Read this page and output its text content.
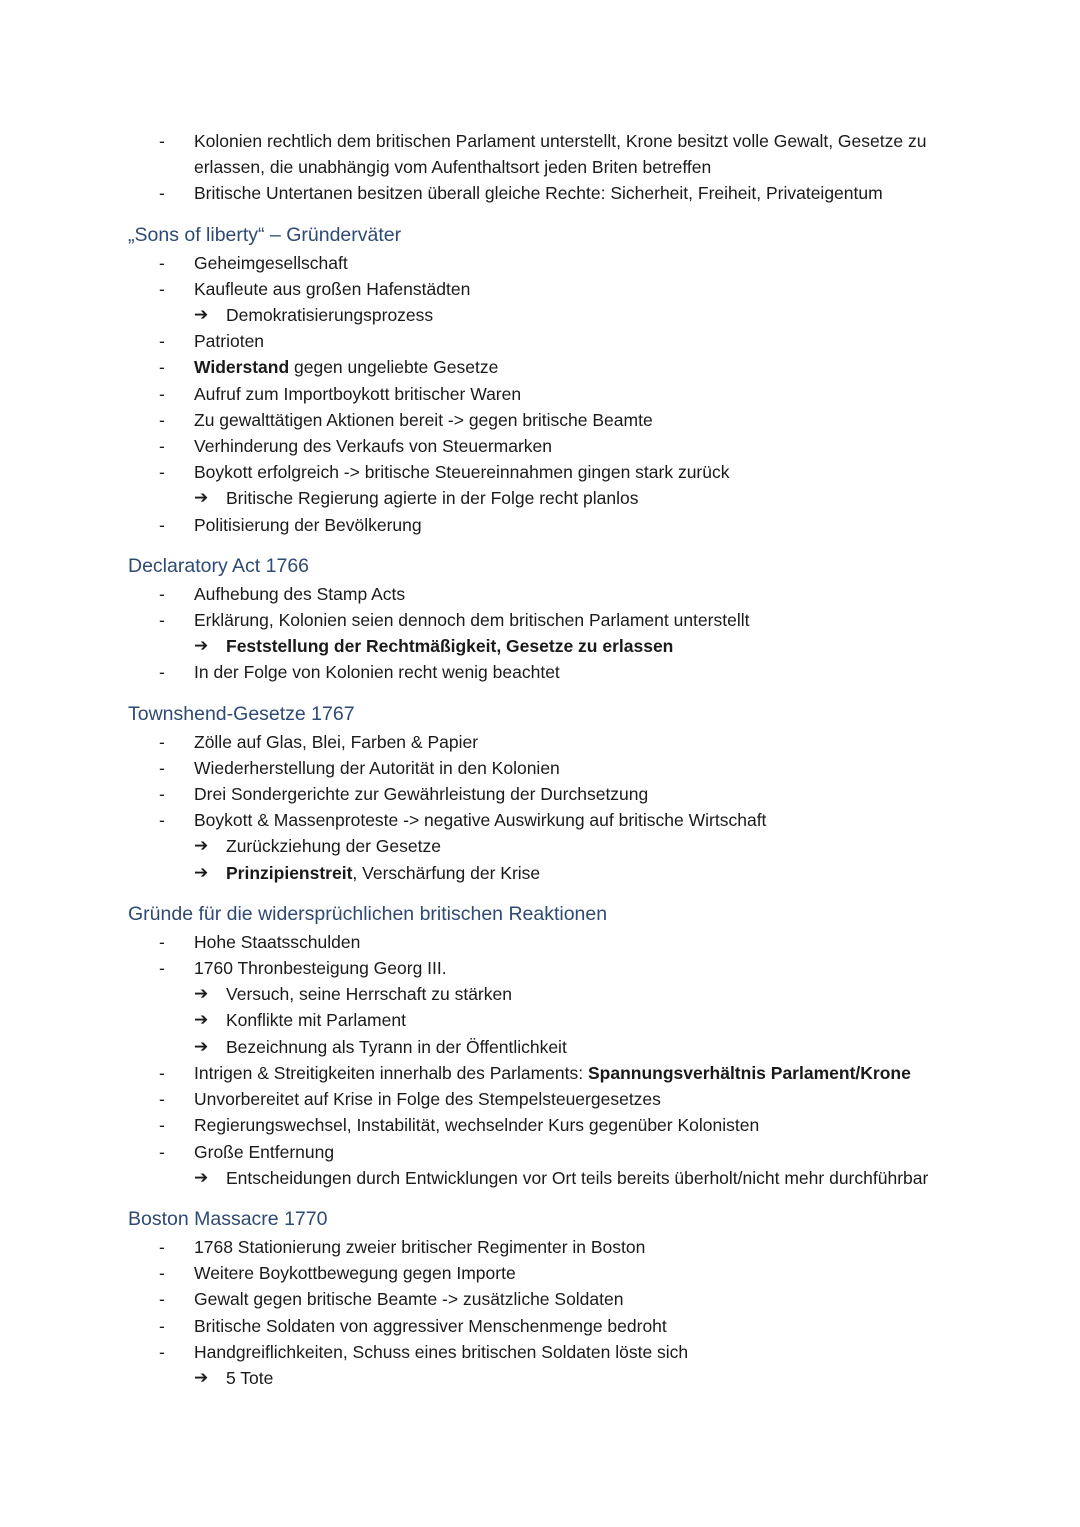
- Kolonien rechtlich dem britischen Parlament unterstellt, Krone besitzt volle Gewalt, Gesetze zu erlassen, die unabhängig vom Aufenthaltsort jeden Briten betreffen
- Britische Untertanen besitzen überall gleiche Rechte: Sicherheit, Freiheit, Privateigentum
„Sons of liberty“ – Gründerväter
- Geheimgesellschaft
- Kaufleute aus großen Hafenstädten
➔ Demokratisierungsprozess
- Patrioten
- Widerstand gegen ungeliebte Gesetze
- Aufruf zum Importboykott britischer Waren
- Zu gewalttätigen Aktionen bereit -> gegen britische Beamte
- Verhinderung des Verkaufs von Steuermarken
- Boykott erfolgreich -> britische Steuereinnahmen gingen stark zurück
➔ Britische Regierung agierte in der Folge recht planlos
- Politisierung der Bevölkerung
Declaratory Act 1766
- Aufhebung des Stamp Acts
- Erklärung, Kolonien seien dennoch dem britischen Parlament unterstellt
➔ Feststellung der Rechtmäßigkeit, Gesetze zu erlassen
- In der Folge von Kolonien recht wenig beachtet
Townshend-Gesetze 1767
- Zölle auf Glas, Blei, Farben & Papier
- Wiederherstellung der Autorität in den Kolonien
- Drei Sondergerichte zur Gewährleistung der Durchsetzung
- Boykott & Massenproteste -> negative Auswirkung auf britische Wirtschaft
➔ Zurückziehung der Gesetze
➔ Prinzipienstreit, Verschärfung der Krise
Gründe für die widersprüchlichen britischen Reaktionen
- Hohe Staatsschulden
- 1760 Thronbesteigung Georg III.
➔ Versuch, seine Herrschaft zu stärken
➔ Konflikte mit Parlament
➔ Bezeichnung als Tyrann in der Öffentlichkeit
- Intrigen & Streitigkeiten innerhalb des Parlaments: Spannungsverhältnis Parlament/Krone
- Unvorbereitet auf Krise in Folge des Stempelsteuergesetzes
- Regierungswechsel, Instabilität, wechselnder Kurs gegenüber Kolonisten
- Große Entfernung
➔ Entscheidungen durch Entwicklungen vor Ort teils bereits überholt/nicht mehr durchführbar
Boston Massacre 1770
- 1768 Stationierung zweier britischer Regimenter in Boston
- Weitere Boykottbewegung gegen Importe
- Gewalt gegen britische Beamte -> zusätzliche Soldaten
- Britische Soldaten von aggressiver Menschenmenge bedroht
- Handgreiflichkeiten, Schuss eines britischen Soldaten löste sich
➔ 5 Tote
